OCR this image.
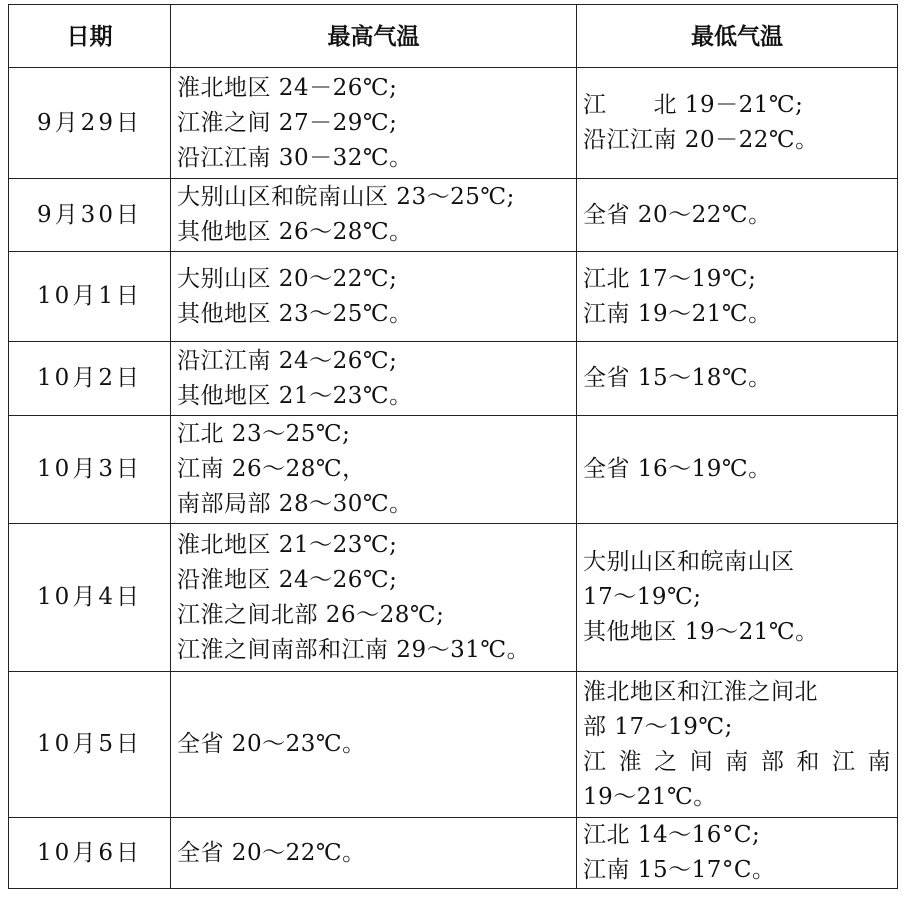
日期	最高气温	最低气温
9月29日	淮北地区 24－26℃;
江淮之间 27－29℃;
沿江江南 30－32℃。	江　　北 19－21℃;
沿江江南 20－22℃。

9月30日	大别山区和皖南山区 23～25℃;
其他地区 26～28℃。	全省 20～22℃。

10月1日	大别山区 20～22℃;
其他地区 23～25℃。	江北 17～19℃;
江南 19～21℃。

10月2日	沿江江南 24～26℃;
其他地区 21～23℃。	全省 15～18℃。

10月3日	江北 23～25℃;
江南 26～28℃，
南部局部 28～30℃。	全省 16～19℃。

10月4日	淮北地区 21～23℃;
沿淮地区 24～26℃;
江淮之间北部 26～28℃;
江淮之间南部和江南 29～31℃。	大别山区和皖南山区
17～19℃;
其他地区 19～21℃。

10月5日	全省 20～23℃。	淮北地区和江淮之间北
部 17～19℃;
江淮之间南部和江南
19～21℃。

10月6日	全省 20～22℃。	江北 14～16°C;
江南 15～17°C。
